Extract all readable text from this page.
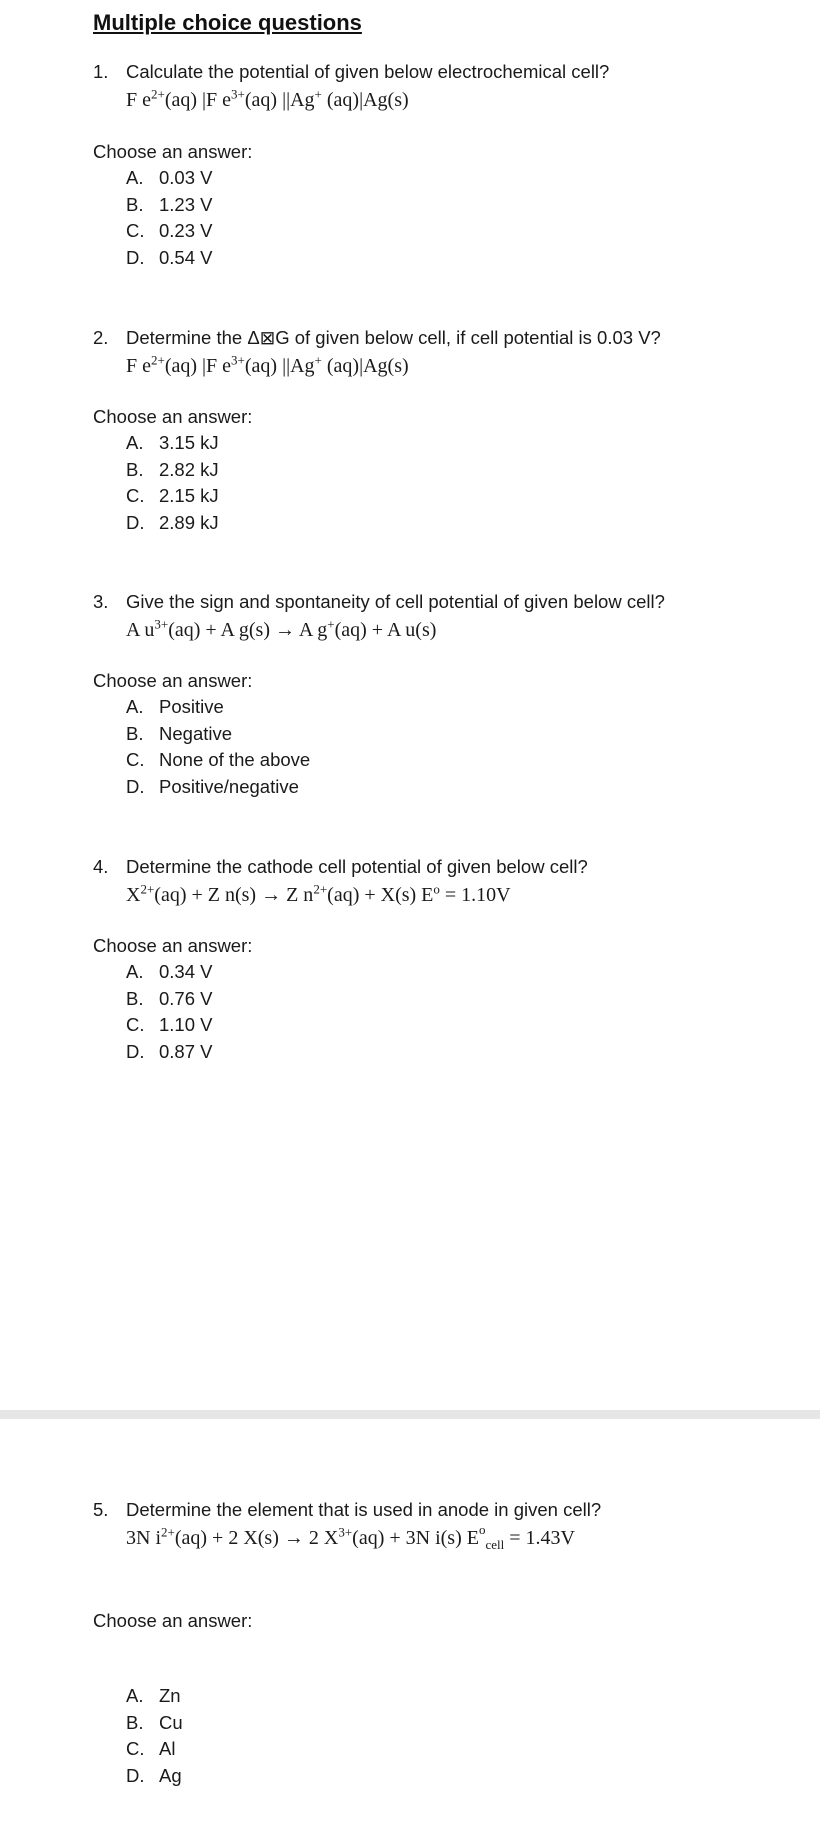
Multiple choice questions
1. Calculate the potential of given below electrochemical cell?
F $e^{2+}(aq)$ |F $e^{3+}(aq)$ ||Ag+ (aq)|Ag(s)
Choose an answer:
A. 0.03 V
B. 1.23 V
C. 0.23 V
D. 0.54 V
2. Determine the Δ⊠G of given below cell, if cell potential is 0.03 V?
F $e^{2+}(aq)$ |F $e^{3+}(aq)$ ||Ag+ (aq)|Ag(s)
Choose an answer:
A. 3.15 kJ
B. 2.82 kJ
C. 2.15 kJ
D. 2.89 kJ
3. Give the sign and spontaneity of cell potential of given below cell?
A $u^{3+}(aq) + A$ g(s) → A g+(aq) + A u(s)
Choose an answer:
A. Positive
B. Negative
C. None of the above
D. Positive/negative
4. Determine the cathode cell potential of given below cell?
$X^{2+}(aq) + Z$ n(s) → Z $n^{2+}(aq) + X(s) E^o = 1.10V$
Choose an answer:
A. 0.34 V
B. 0.76 V
C. 1.10 V
D. 0.87 V
5. Determine the element that is used in anode in given cell?
3N $i^{2+}(aq) + 2$ X(s) → 2 $X^{3+}(aq) + 3N$ i(s) $E^o_{cell} = 1.43V$
Choose an answer:
A. Zn
B. Cu
C. Al
D. Ag
